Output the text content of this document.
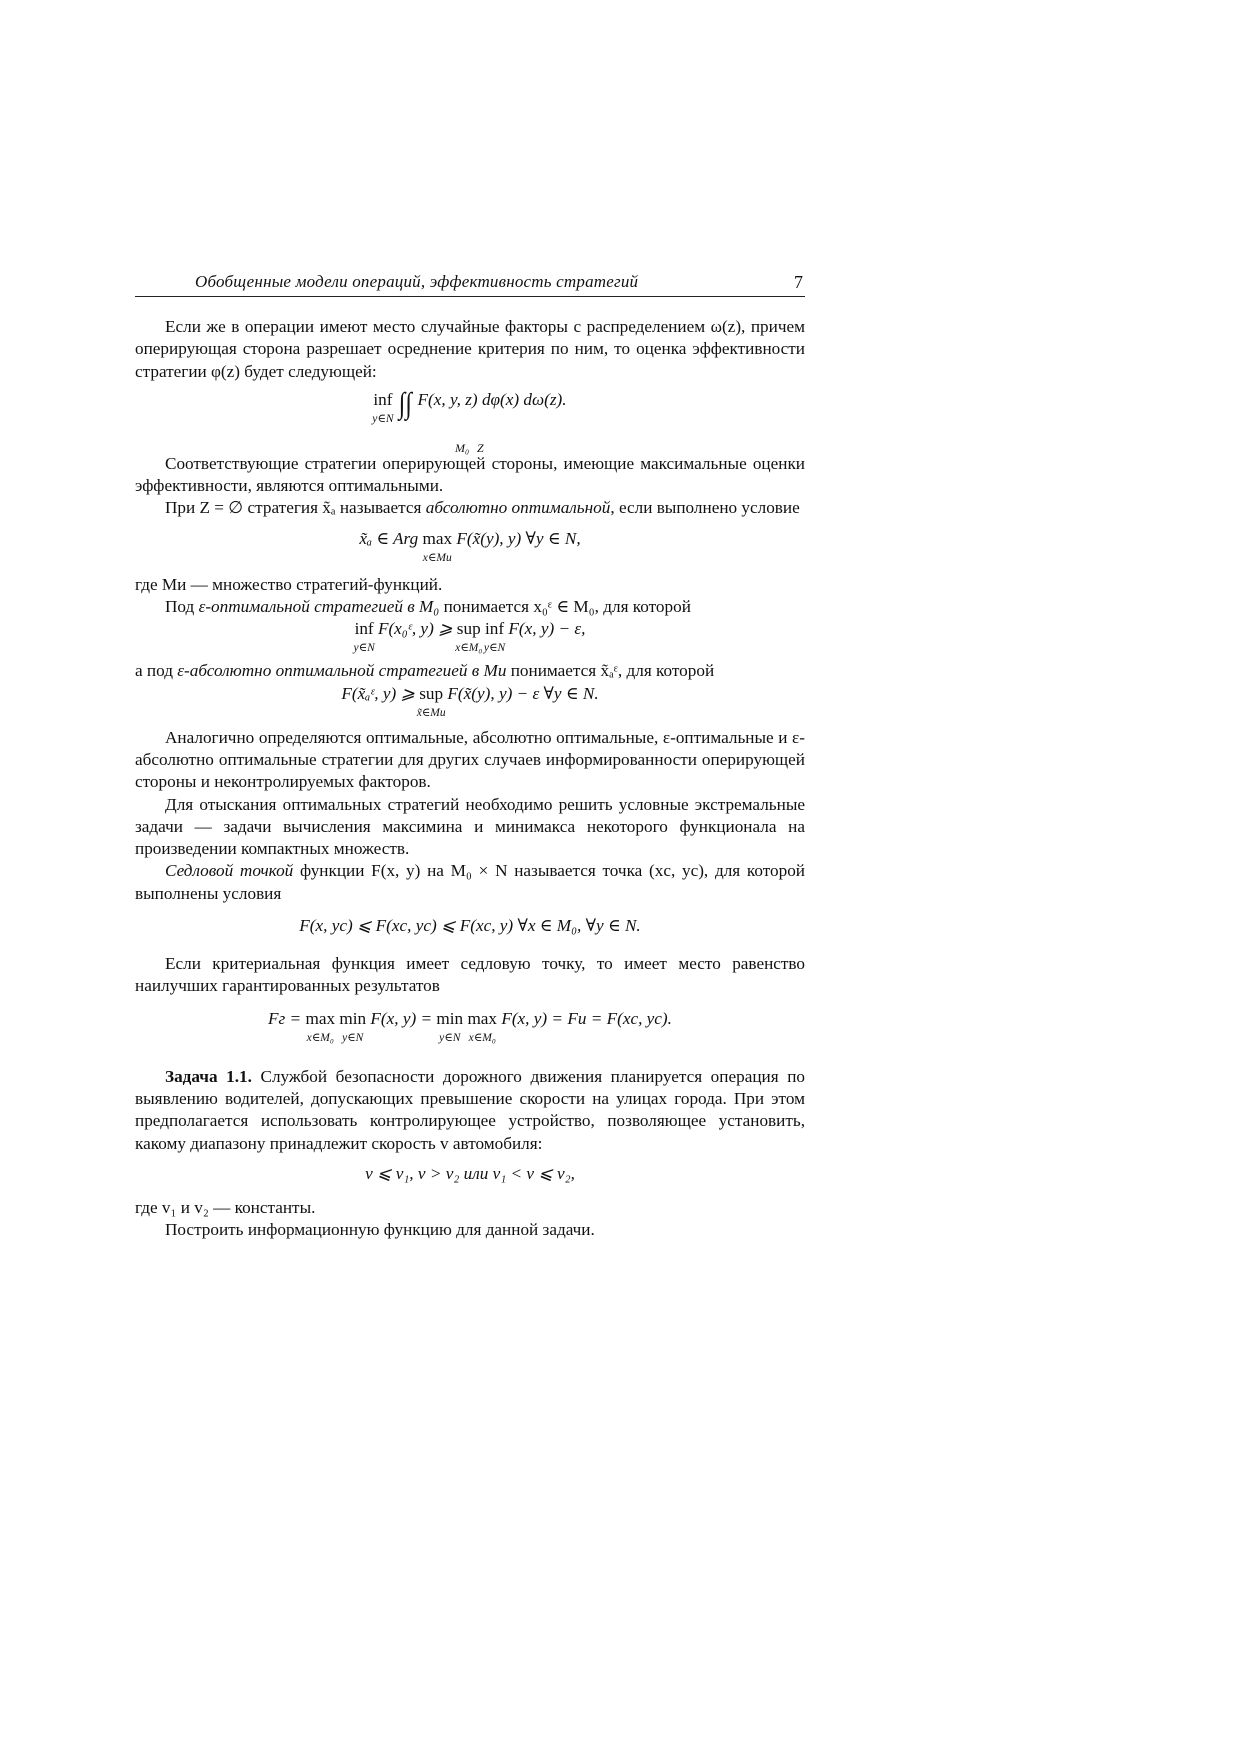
Обобщенные модели операций, эффективность стратегий	7

Если же в операции имеют место случайные факторы с распределением ω(z), причем оперирующая сторона разрешает осреднение критерия по ним, то оценка эффективности стратегии φ(z) будет следующей:

inf
y∈N ∫∫ F(x, y, z) dφ(x) dω(z).
M₀ Z

Соответствующие стратегии оперирующей стороны, имеющие максимальные оценки эффективности, являются оптимальными.

При Z = ∅ стратегия x̃ₐ называется абсолютно оптимальной, если выполнено условие

x̃ₐ ∈ Arg max
x∈Mи
F(x̃(y), y) ∀y ∈ N,

где Mи — множество стратегий-функций.

Под ε-оптимальной стратегией в M₀ понимается x₀ᵋ ∈ M₀, для которой

inf
y∈N
F(x₀ᵋ, y) ⩾ sup
x∈M₀
inf
y∈N
F(x, y) − ε,

а под ε-абсолютно оптимальной стратегией в Mи понимается x̃ₐᵋ, для которой

F(x̃ₐᵋ, y) ⩾ sup
x̃∈Mи
F(x̃(y), y) − ε ∀y ∈ N.

Аналогично определяются оптимальные, абсолютно оптимальные, ε-оптимальные и ε-абсолютно оптимальные стратегии для других случаев информированности оперирующей стороны и неконтролируемых факторов.

Для отыскания оптимальных стратегий необходимо решить условные экстремальные задачи — задачи вычисления максимина и минимакса некоторого функционала на произведении компактных множеств.

Седловой точкой функции F(x, y) на M₀ × N называется точка (xc, yc), для которой выполнены условия

F(x, yc) ⩽ F(xc, yc) ⩽ F(xc, y) ∀x ∈ M₀, ∀y ∈ N.

Если критериальная функция имеет седловую точку, то имеет место равенство наилучших гарантированных результатов

Fг = max
x∈M₀
min
y∈N
F(x, y) = min
y∈N
max
x∈M₀
F(x, y) = Fи = F(xc, yc).

Задача 1.1. Службой безопасности дорожного движения планируется операция по выявлению водителей, допускающих превышение скорости на улицах города. При этом предполагается использовать контролирующее устройство, позволяющее установить, какому диапазону принадлежит скорость v автомобиля:

v ⩽ v₁, v > v₂ или v₁ < v ⩽ v₂,

где v₁ и v₂ — константы.

Построить информационную функцию для данной задачи.
